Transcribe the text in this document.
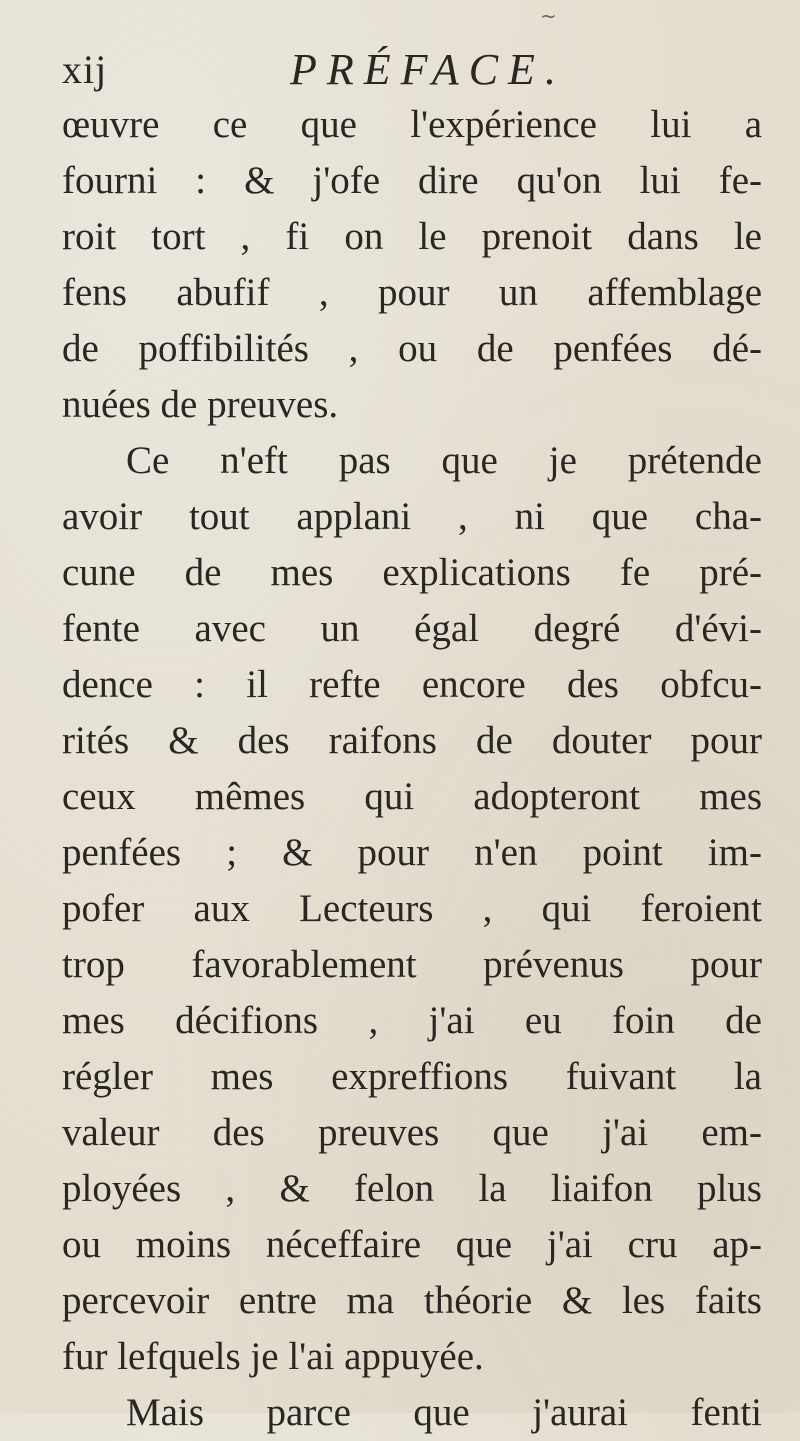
~
xij	PRÉFACE.
œuvre ce que l'expérience lui a
fourni : & j'ofe dire qu'on lui fe-
roit tort , fi on le prenoit dans le
fens abufif , pour un affemblage
de poffibilités , ou de penfées dé-
nuées de preuves.
Ce n'eft pas que je prétende
avoir tout applani , ni que cha-
cune de mes explications fe pré-
fente avec un égal degré d'évi-
dence : il refte encore des obfcu-
rités & des raifons de douter pour
ceux mêmes qui adopteront mes
penfées ; & pour n'en point im-
pofer aux Lecteurs , qui feroient
trop favorablement prévenus pour
mes décifions , j'ai eu foin de
régler mes expreffions fuivant la
valeur des preuves que j'ai em-
ployées , & felon la liaifon plus
ou moins néceffaire que j'ai cru ap-
percevoir entre ma théorie & les faits
fur lefquels je l'ai appuyée.
Mais parce que j'aurai fenti
